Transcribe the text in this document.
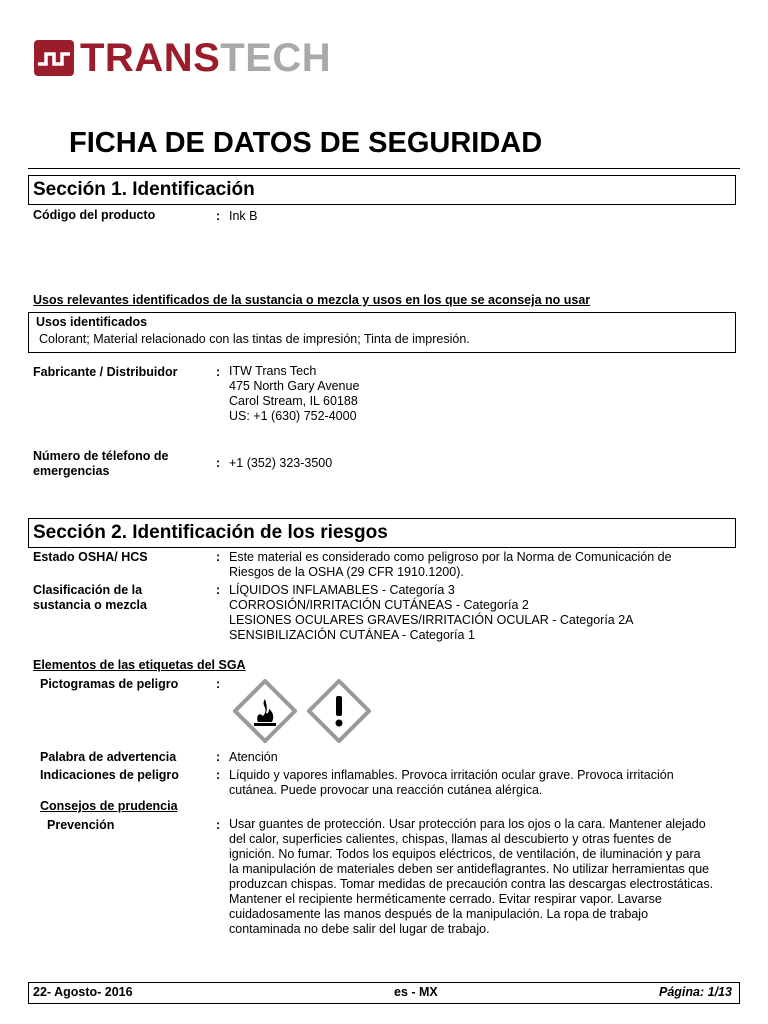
TRANSTECH
FICHA DE DATOS DE SEGURIDAD
Sección 1. Identificación
Código del producto	: Ink B
Usos relevantes identificados de la sustancia o mezcla y usos en los que se aconseja no usar
Usos identificados
Colorant; Material relacionado con las tintas de impresión; Tinta de impresión.
Fabricante / Distribuidor	: ITW Trans Tech
475 North Gary Avenue
Carol Stream, IL 60188
US: +1 (630) 752-4000
Número de télefono de
emergencias
: +1 (352) 323-3500
Sección 2. Identificación de los riesgos
Estado OSHA/ HCS	: Este material es considerado como peligroso por la Norma de Comunicación de
Riesgos de la OSHA (29 CFR 1910.1200).
Clasificación de la
sustancia o mezcla
: LÍQUIDOS INFLAMABLES - Categoría 3
CORROSIÓN/IRRITACIÓN CUTÁNEAS - Categoría 2
LESIONES OCULARES GRAVES/IRRITACIÓN OCULAR - Categoría 2A
SENSIBILIZACIÓN CUTÁNEA - Categoría 1
Elementos de las etiquetas del SGA
Pictogramas de peligro	:
Palabra de advertencia	: Atención
Indicaciones de peligro	: Líquido y vapores inflamables. Provoca irritación ocular grave. Provoca irritación
cutánea. Puede provocar una reacción cutánea alérgica.
Consejos de prudencia
Prevención	: Usar guantes de protección. Usar protección para los ojos o la cara. Mantener alejado
del calor, superficies calientes, chispas, llamas al descubierto y otras fuentes de
ignición. No fumar. Todos los equipos eléctricos, de ventilación, de iluminación y para
la manipulación de materiales deben ser antideflagrantes. No utilizar herramientas que
produzcan chispas. Tomar medidas de precaución contra las descargas electrostáticas.
Mantener el recipiente herméticamente cerrado. Evitar respirar vapor. Lavarse
cuidadosamente las manos después de la manipulación. La ropa de trabajo
contaminada no debe salir del lugar de trabajo.
22- Agosto- 2016	es - MX	Página: 1/13
